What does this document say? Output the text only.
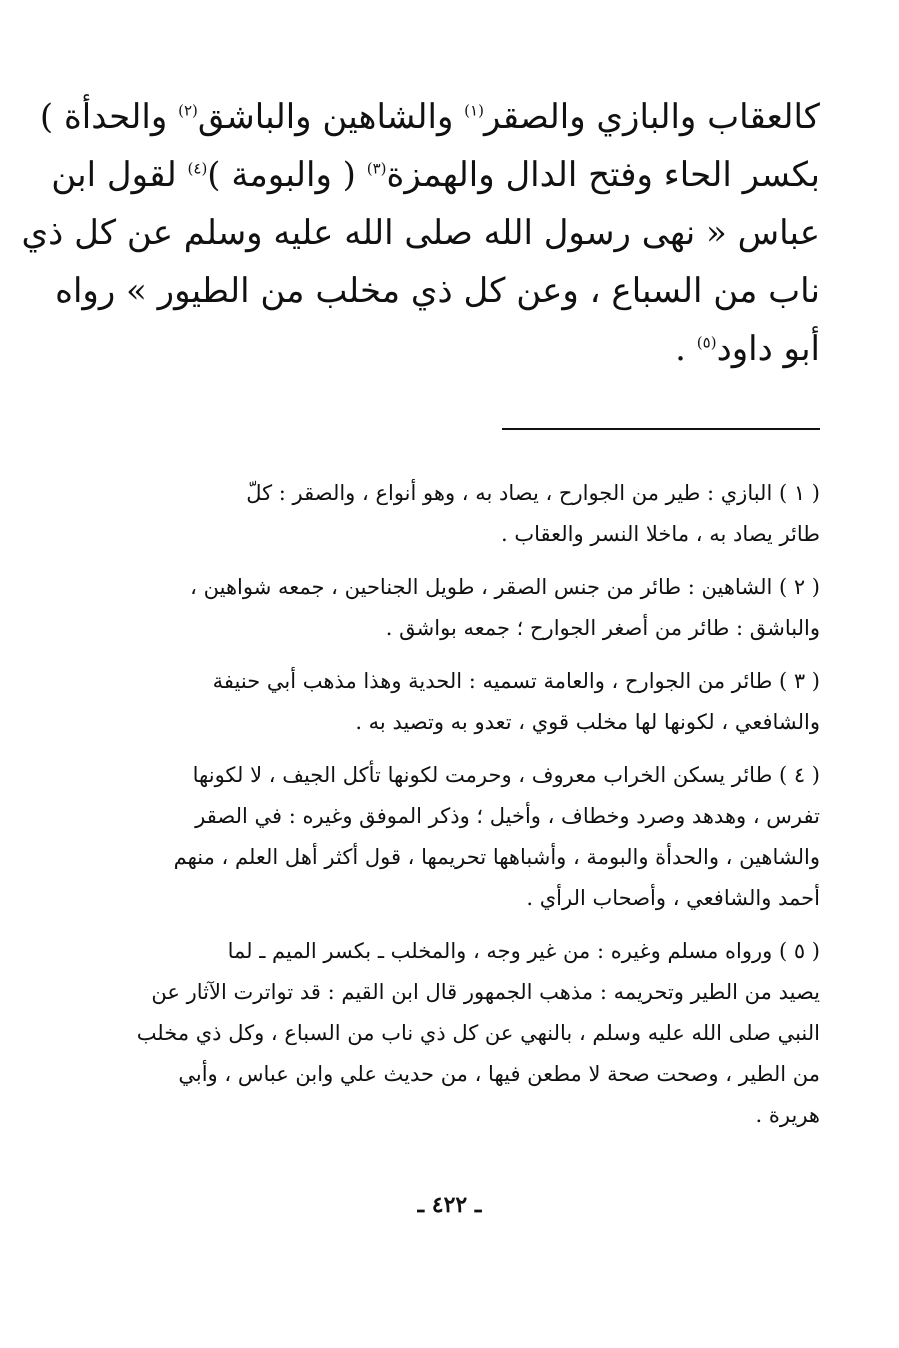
كالعقاب والبازي والصقر$^{(١)}$ والشاهين والباشق$^{(٢)}$ والحدأة )
بكسر الحاء وفتح الدال والهمزة$^{(٣)}$ ( والبومة )$^{(٤)}$ لقول ابن
عباس « نهى رسول الله صلى الله عليه وسلم عن كل ذي
ناب من السباع ، وعن كل ذي مخلب من الطيور » رواه
أبو داود$^{(٥)}$ .

( ١ ) البازي : طير من الجوارح ، يصاد به ، وهو أنواع ، والصقر : كلّ
طائر يصاد به ، ماخلا النسر والعقاب .

( ٢ ) الشاهين : طائر من جنس الصقر ، طويل الجناحين ، جمعه شواهين ،
والباشق : طائر من أصغر الجوارح ؛ جمعه بواشق .

( ٣ ) طائر من الجوارح ، والعامة تسميه : الحدية وهذا مذهب أبي حنيفة
والشافعي ، لكونها لها مخلب قوي ، تعدو به وتصيد به .

( ٤ ) طائر يسكن الخراب معروف ، وحرمت لكونها تأكل الجيف ، لا لكونها
تفرس ، وهدهد وصرد وخطاف ، وأخيل ؛ وذكر الموفق وغيره : في الصقر
والشاهين ، والحدأة والبومة ، وأشباهها تحريمها ، قول أكثر أهل العلم ، منهم
أحمد والشافعي ، وأصحاب الرأي .

( ٥ ) ورواه مسلم وغيره : من غير وجه ، والمخلب ـ بكسر الميم ـ لما
يصيد من الطير وتحريمه : مذهب الجمهور قال ابن القيم : قد تواترت الآثار عن
النبي صلى الله عليه وسلم ، بالنهي عن كل ذي ناب من السباع ، وكل ذي مخلب
من الطير ، وصحت صحة لا مطعن فيها ، من حديث علي وابن عباس ، وأبي
هريرة .

ـ ٤٢٢ ـ
